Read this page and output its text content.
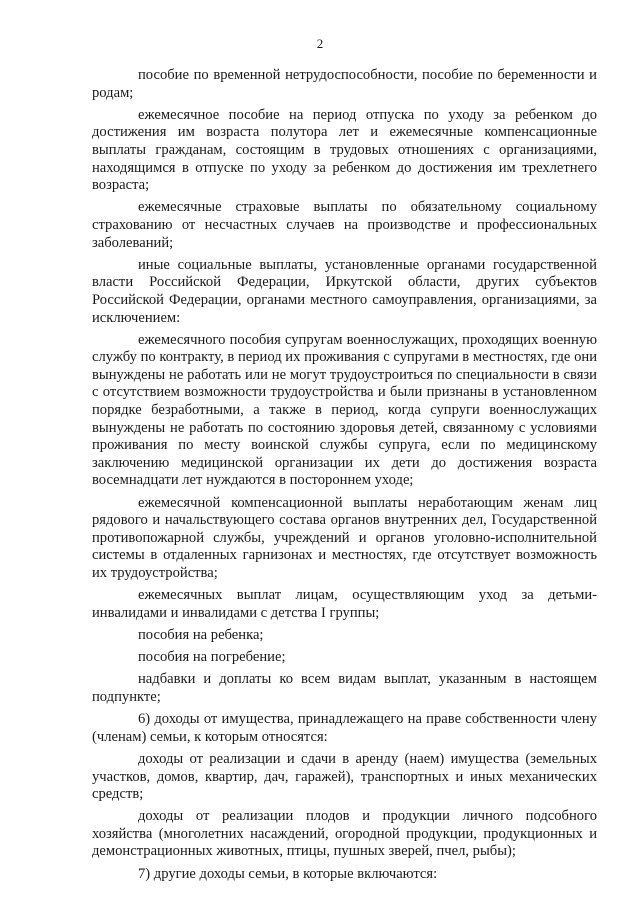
2

пособие по временной нетрудоспособности, пособие по беременности и родам;

ежемесячное пособие на период отпуска по уходу за ребенком до достижения им возраста полутора лет и ежемесячные компенсационные выплаты гражданам, состоящим в трудовых отношениях с организациями, находящимся в отпуске по уходу за ребенком до достижения им трехлетнего возраста;

ежемесячные страховые выплаты по обязательному социальному страхованию от несчастных случаев на производстве и профессиональных заболеваний;

иные социальные выплаты, установленные органами государственной власти Российской Федерации, Иркутской области, других субъектов Российской Федерации, органами местного самоуправления, организациями, за исключением:

ежемесячного пособия супругам военнослужащих, проходящих военную службу по контракту, в период их проживания с супругами в местностях, где они вынуждены не работать или не могут трудоустроиться по специальности в связи с отсутствием возможности трудоустройства и были признаны в установленном порядке безработными, а также в период, когда супруги военнослужащих вынуждены не работать по состоянию здоровья детей, связанному с условиями проживания по месту воинской службы супруга, если по медицинскому заключению медицинской организации их дети до достижения возраста восемнадцати лет нуждаются в постороннем уходе;

ежемесячной компенсационной выплаты неработающим женам лиц рядового и начальствующего состава органов внутренних дел, Государственной противопожарной службы, учреждений и органов уголовно-исполнительной системы в отдаленных гарнизонах и местностях, где отсутствует возможность их трудоустройства;

ежемесячных выплат лицам, осуществляющим уход за детьми-инвалидами и инвалидами с детства I группы;

пособия на ребенка;

пособия на погребение;

надбавки и доплаты ко всем видам выплат, указанным в настоящем подпункте;

6) доходы от имущества, принадлежащего на праве собственности члену (членам) семьи, к которым относятся:

доходы от реализации и сдачи в аренду (наем) имущества (земельных участков, домов, квартир, дач, гаражей), транспортных и иных механических средств;

доходы от реализации плодов и продукции личного подсобного хозяйства (многолетних насаждений, огородной продукции, продукционных и демонстрационных животных, птицы, пушных зверей, пчел, рыбы);

7) другие доходы семьи, в которые включаются:
